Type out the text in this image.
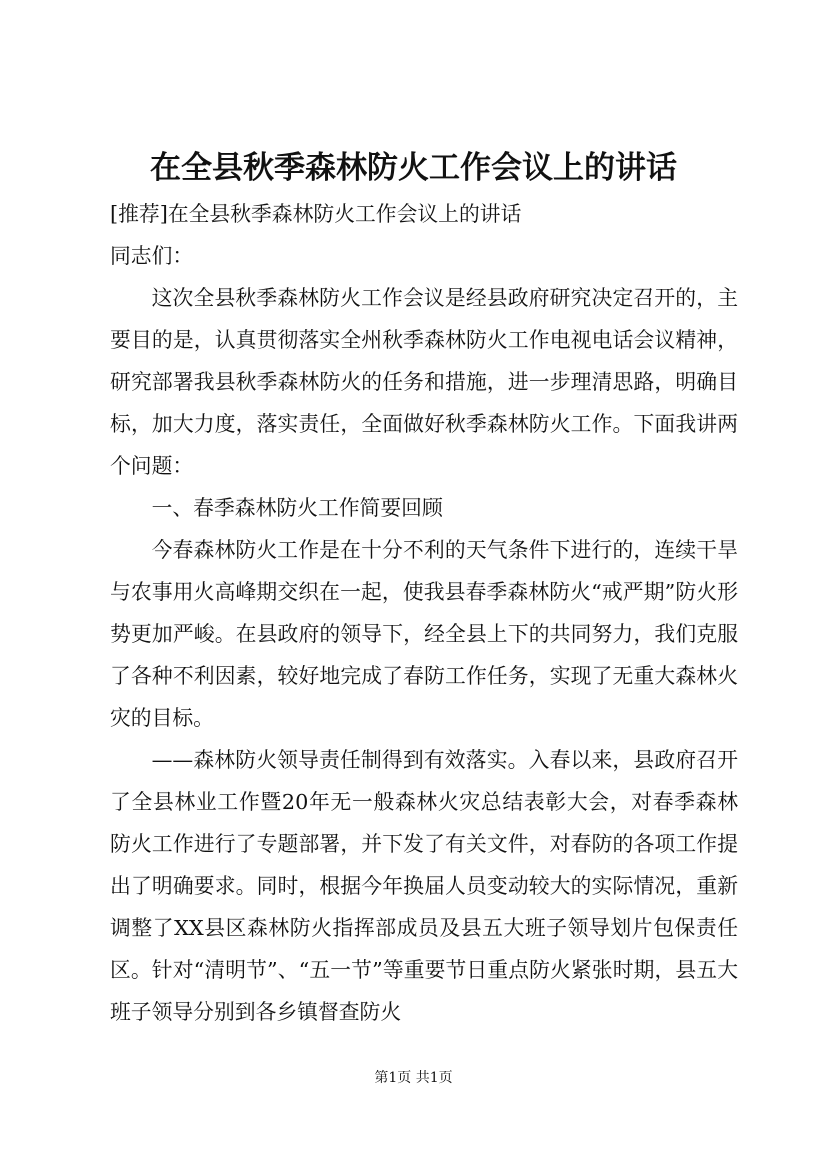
在全县秋季森林防火工作会议上的讲话

[推荐]在全县秋季森林防火工作会议上的讲话

同志们：

这次全县秋季森林防火工作会议是经县政府研究决定召开的，主要目的是，认真贯彻落实全州秋季森林防火工作电视电话会议精神，研究部署我县秋季森林防火的任务和措施，进一步理清思路，明确目标，加大力度，落实责任，全面做好秋季森林防火工作。下面我讲两个问题：

一、春季森林防火工作简要回顾

今春森林防火工作是在十分不利的天气条件下进行的，连续干旱与农事用火高峰期交织在一起，使我县春季森林防火“戒严期”防火形势更加严峻。在县政府的领导下，经全县上下的共同努力，我们克服了各种不利因素，较好地完成了春防工作任务，实现了无重大森林火灾的目标。

——森林防火领导责任制得到有效落实。入春以来，县政府召开了全县林业工作暨20年无一般森林火灾总结表彰大会，对春季森林防火工作进行了专题部署，并下发了有关文件，对春防的各项工作提出了明确要求。同时，根据今年换届人员变动较大的实际情况，重新调整了XX县区森林防火指挥部成员及县五大班子领导划片包保责任区。针对“清明节”、“五一节”等重要节日重点防火紧张时期，县五大班子领导分别到各乡镇督查防火

第1页 共1页
